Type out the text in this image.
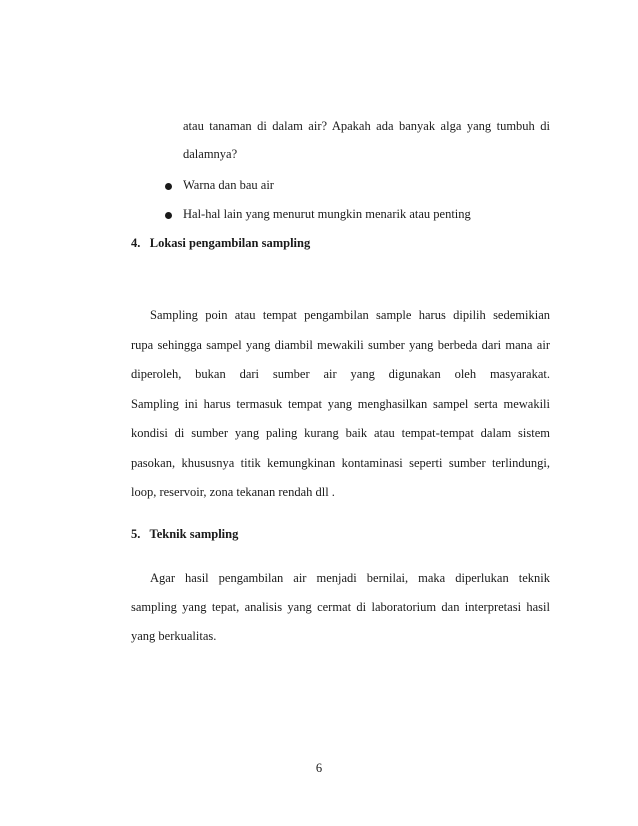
atau tanaman di dalam air? Apakah ada banyak alga yang tumbuh di
dalamnya?
Warna dan bau air
Hal-hal lain yang menurut mungkin menarik atau penting
4.   Lokasi pengambilan sampling
Sampling poin atau tempat pengambilan sample harus dipilih sedemikian
rupa sehingga sampel yang diambil mewakili sumber yang berbeda dari mana air
diperoleh, bukan dari sumber air yang digunakan oleh masyarakat.
Sampling ini harus termasuk tempat yang menghasilkan sampel serta mewakili
kondisi di sumber yang paling kurang baik atau tempat-tempat dalam sistem
pasokan, khususnya titik kemungkinan kontaminasi seperti sumber terlindungi,
loop, reservoir, zona tekanan rendah dll .
5.   Teknik sampling
Agar hasil pengambilan air menjadi bernilai, maka diperlukan teknik
sampling yang tepat, analisis yang cermat di laboratorium dan interpretasi hasil
yang berkualitas.
6
